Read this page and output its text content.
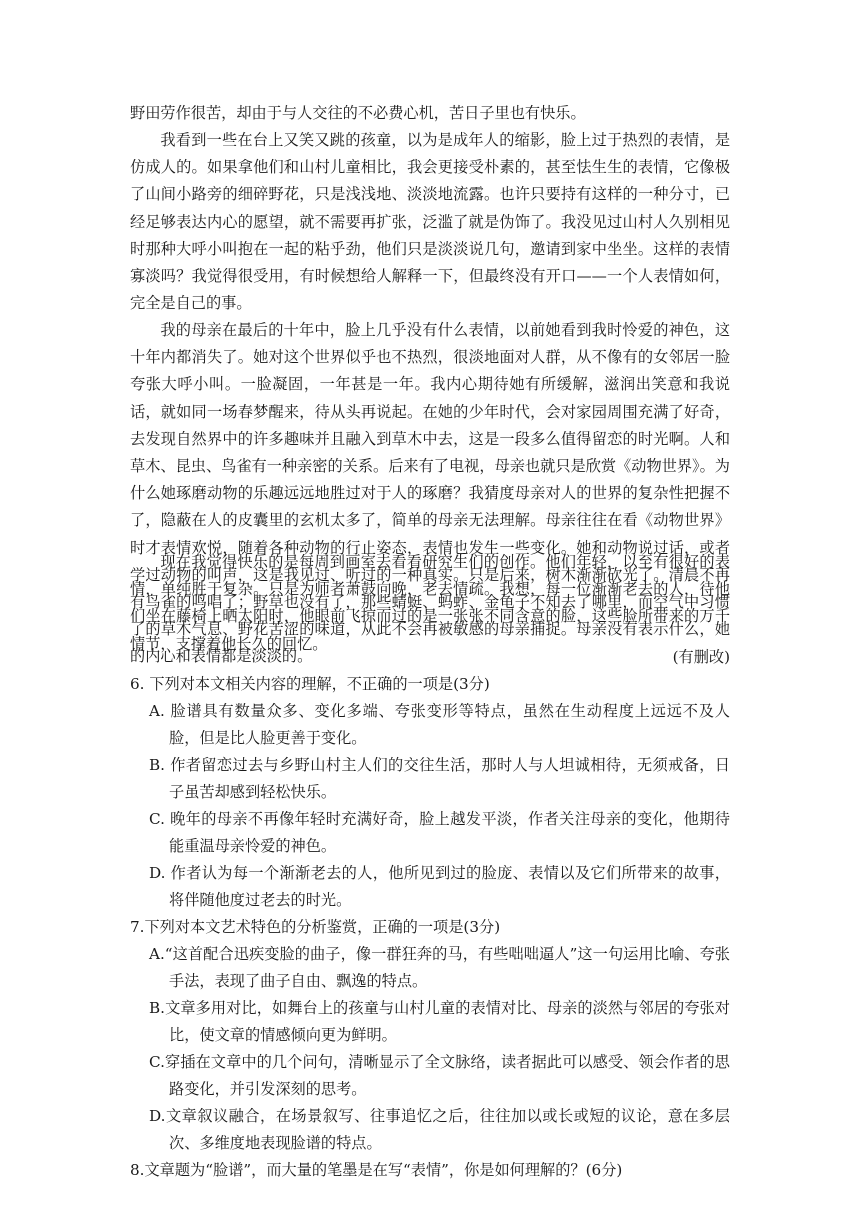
野田劳作很苦，却由于与人交往的不必费心机，苦日子里也有快乐。

我看到一些在台上又笑又跳的孩童，以为是成年人的缩影，脸上过于热烈的表情，是仿成人的。如果拿他们和山村儿童相比，我会更接受朴素的，甚至怯生生的表情，它像极了山间小路旁的细碎野花，只是浅浅地、淡淡地流露。也许只要持有这样的一种分寸，已经足够表达内心的愿望，就不需要再扩张，泛滥了就是伪饰了。我没见过山村人久别相见时那种大呼小叫抱在一起的粘乎劲，他们只是淡淡说几句，邀请到家中坐坐。这样的表情寡淡吗？我觉得很受用，有时候想给人解释一下，但最终没有开口——一个人表情如何，完全是自己的事。

我的母亲在最后的十年中，脸上几乎没有什么表情，以前她看到我时怜爱的神色，这十年内都消失了。她对这个世界似乎也不热烈，很淡地面对人群，从不像有的女邻居一脸夸张大呼小叫。一脸凝固，一年甚是一年。我内心期待她有所缓解，滋润出笑意和我说话，就如同一场春梦醒来，待从头再说起。在她的少年时代，会对家园周围充满了好奇，去发现自然界中的许多趣味并且融入到草木中去，这是一段多么值得留恋的时光啊。人和草木、昆虫、鸟雀有一种亲密的关系。后来有了电视，母亲也就只是欣赏《动物世界》。为什么她琢磨动物的乐趣远远地胜过对于人的琢磨？我猜度母亲对人的世界的复杂性把握不了，隐蔽在人的皮囊里的玄机太多了，简单的母亲无法理解。母亲往往在看《动物世界》时才表情欢悦，随着各种动物的行止姿态，表情也发生一些变化。她和动物说过话，或者学过动物的叫声，这是我见过、听过的一种真实。只是后来，树木渐渐砍光了。清晨不再有鸟雀的鸣唱了；野草也没有了，那些蜻蜓、蚂蚱、金龟子不知去了哪里，而空气中习惯了的草木气息、野花苦涩的味道，从此不会再被敏感的母亲捕捉。母亲没有表示什么，她的内心和表情都是淡淡的。

现在我觉得快乐的是每周到画室去看看研究生们的创作。他们年轻，以至有很好的表情，单纯胜于复杂。只是为师者萧鼓向晚，老去情疏。我想，每一位渐渐老去的人，待他们坐在藤椅上晒太阳时，他眼前飞掠而过的是一张张不同含意的脸，这些脸所带来的万千情节，支撑着他长久的回忆。

(有删改)

6. 下列对本文相关内容的理解，不正确的一项是(3分)

A. 脸谱具有数量众多、变化多端、夸张变形等特点，虽然在生动程度上远远不及人脸，但是比人脸更善于变化。

B. 作者留恋过去与乡野山村主人们的交往生活，那时人与人坦诚相待，无须戒备，日子虽苦却感到轻松快乐。

C. 晚年的母亲不再像年轻时充满好奇，脸上越发平淡，作者关注母亲的变化，他期待能重温母亲怜爱的神色。

D. 作者认为每一个渐渐老去的人，他所见到过的脸庞、表情以及它们所带来的故事，将伴随他度过老去的时光。

7.下列对本文艺术特色的分析鉴赏，正确的一项是(3分)

A.“这首配合迅疾变脸的曲子，像一群狂奔的马，有些咄咄逼人”这一句运用比喻、夸张手法，表现了曲子自由、飘逸的特点。

B.文章多用对比，如舞台上的孩童与山村儿童的表情对比、母亲的淡然与邻居的夸张对比，使文章的情感倾向更为鲜明。

C.穿插在文章中的几个问句，清晰显示了全文脉络，读者据此可以感受、领会作者的思路变化，并引发深刻的思考。

D.文章叙议融合，在场景叙写、往事追忆之后，往往加以或长或短的议论，意在多层次、多维度地表现脸谱的特点。

8.文章题为“脸谱”，而大量的笔墨是在写“表情”，你是如何理解的？(6分)
